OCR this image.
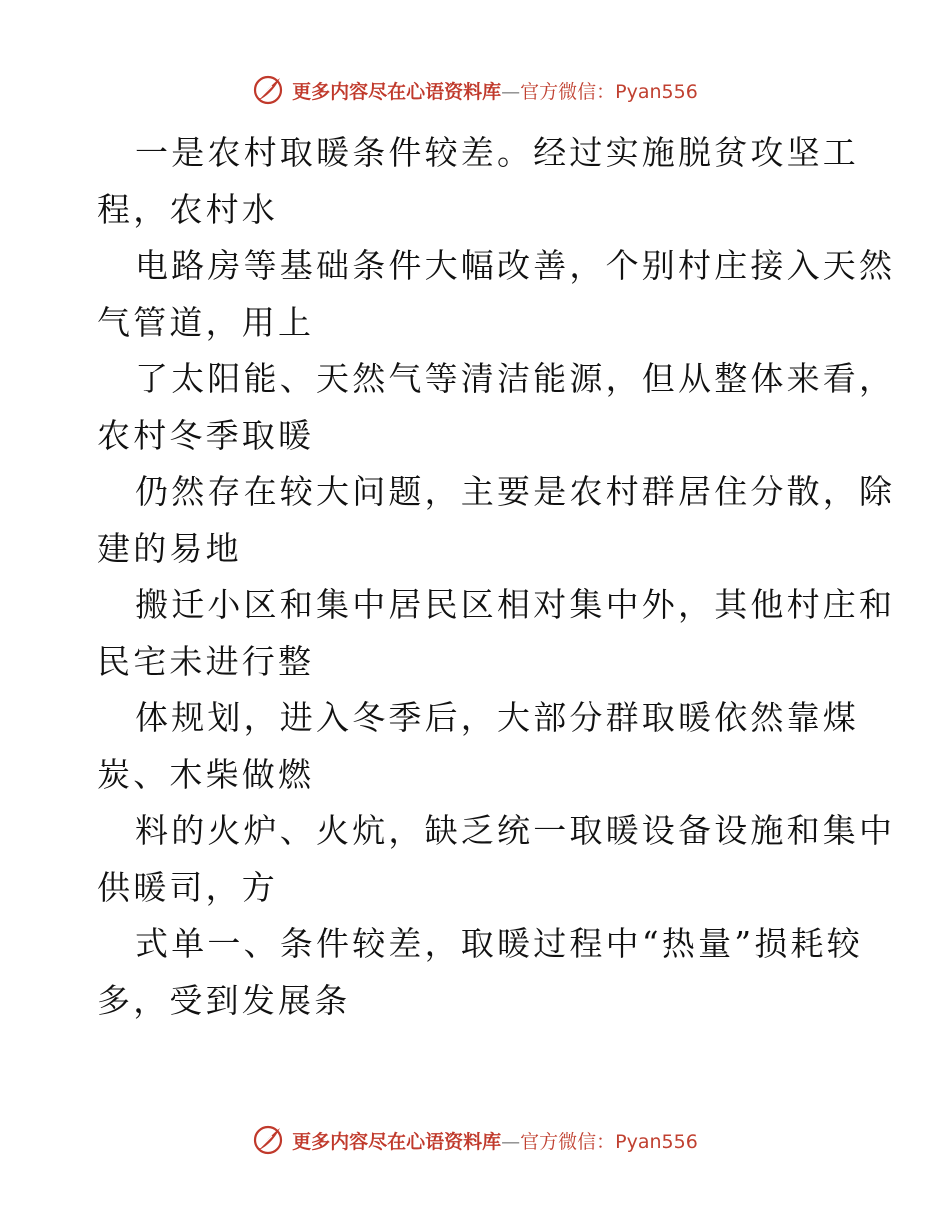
更多内容尽在心语资料库—官方微信：Pyan556
一是农村取暖条件较差。经过实施脱贫攻坚工
程，农村水
电路房等基础条件大幅改善，个别村庄接入天然
气管道，用上
了太阳能、天然气等清洁能源，但从整体来看，
农村冬季取暖
仍然存在较大问题，主要是农村群居住分散，除
建的易地
搬迁小区和集中居民区相对集中外，其他村庄和
民宅未进行整
体规划，进入冬季后，大部分群取暖依然靠煤
炭、木柴做燃
料的火炉、火炕，缺乏统一取暖设备设施和集中
供暖司，方
式单一、条件较差，取暖过程中“热量”损耗较
多，受到发展条
更多内容尽在心语资料库—官方微信：Pyan556
